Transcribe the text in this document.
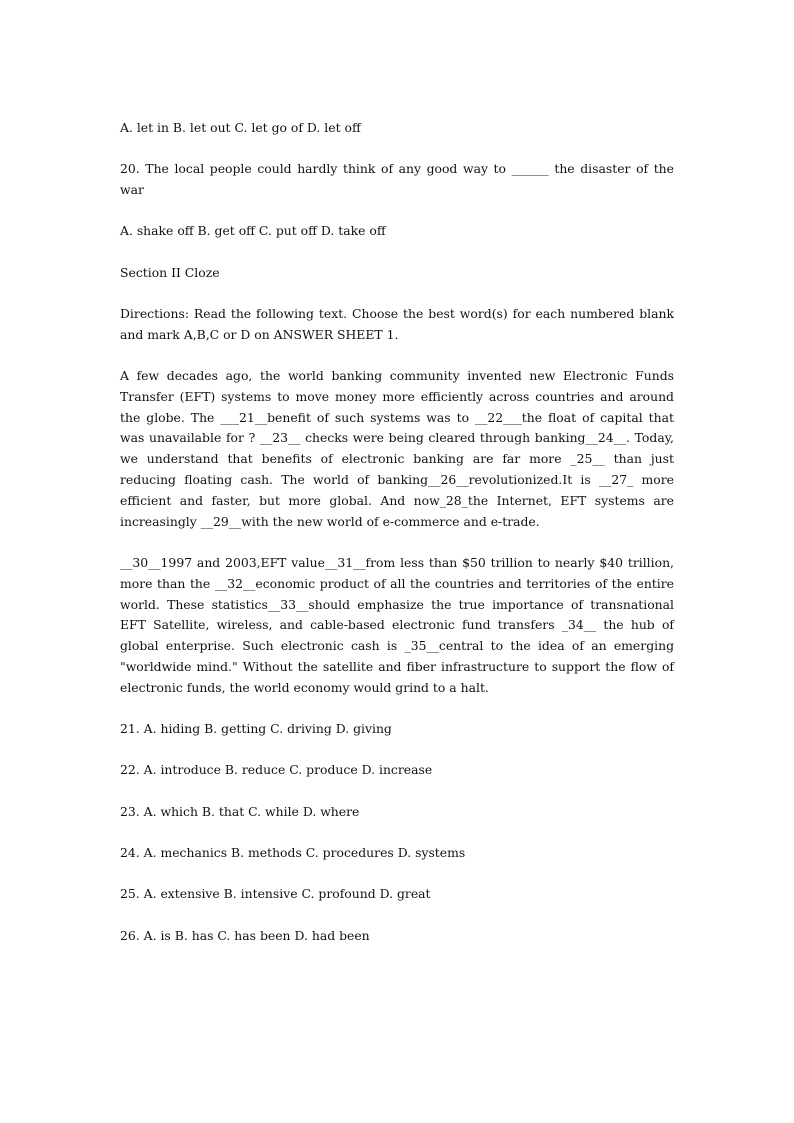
A. let in B. let out C. let go of D. let off

20. The local people could hardly think of any good way to ______ the disaster of the war

A. shake off B. get off C. put off D. take off

Section II Cloze

Directions: Read the following text. Choose the best word(s) for each numbered blank and mark A,B,C or D on ANSWER SHEET 1.

A few decades ago, the world banking community invented new Electronic Funds Transfer (EFT) systems to move money more efficiently across countries and around the globe. The ___21__benefit of such systems was to __22___the float of capital that was unavailable for ? __23__ checks were being cleared through banking__24__. Today, we understand that benefits of electronic banking are far more _25__ than just reducing floating cash. The world of banking__26__revolutionized.It is __27_ more efficient and faster, but more global. And now_28_the Internet, EFT systems are increasingly __29__with the new world of e-commerce and e-trade.

__30__1997 and 2003,EFT value__31__from less than $50 trillion to nearly $40 trillion, more than the __32__economic product of all the countries and territories of the entire world. These statistics__33__should emphasize the true importance of transnational EFT Satellite, wireless, and cable-based electronic fund transfers _34__ the hub of global enterprise. Such electronic cash is _35__central to the idea of an emerging "worldwide mind." Without the satellite and fiber infrastructure to support the flow of electronic funds, the world economy would grind to a halt.

21. A. hiding B. getting C. driving D. giving

22. A. introduce B. reduce C. produce D. increase

23. A. which B. that C. while D. where

24. A. mechanics B. methods C. procedures D. systems

25. A. extensive B. intensive C. profound D. great

26. A. is B. has C. has been D. had been
